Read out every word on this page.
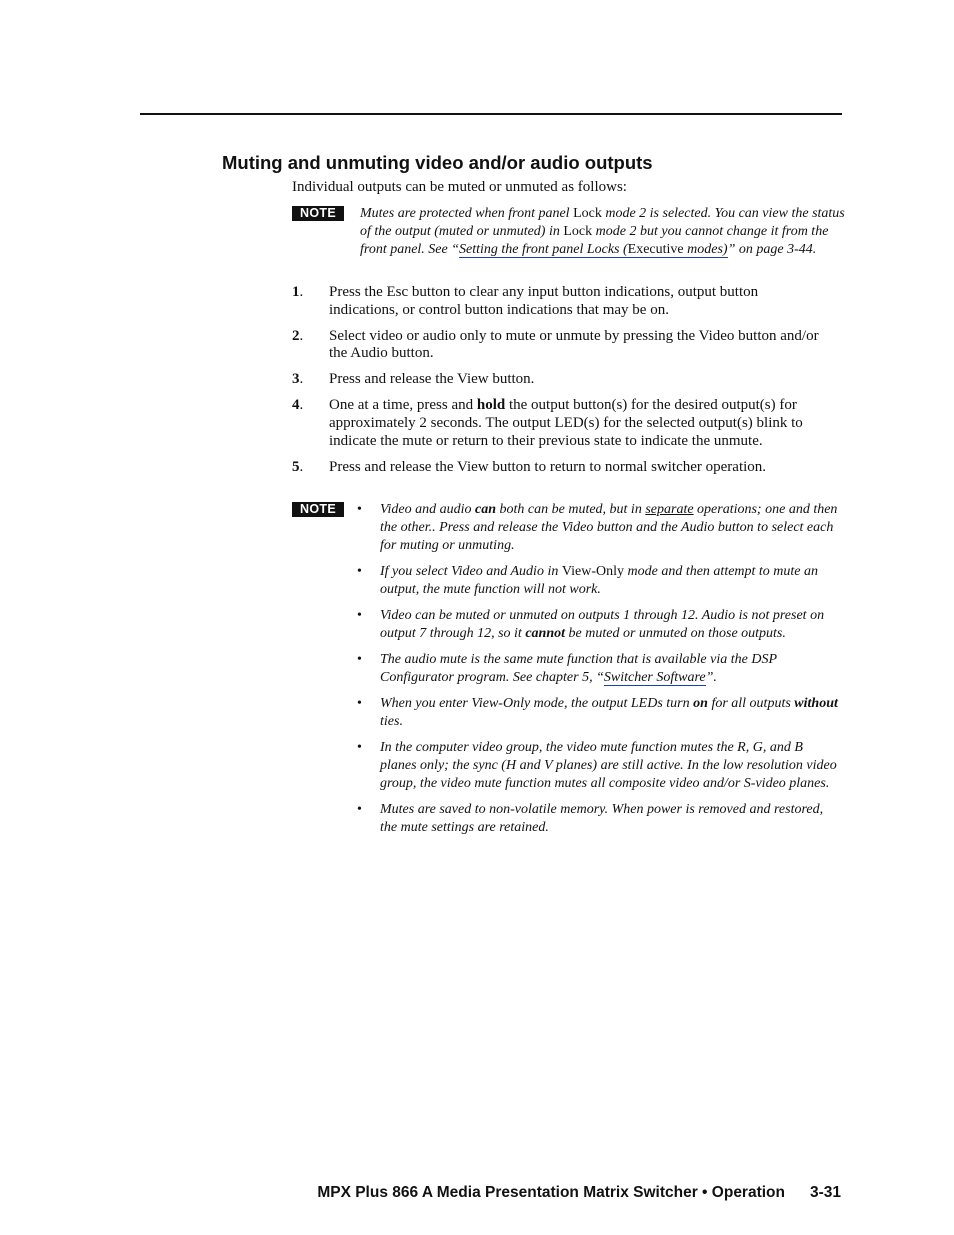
Muting and unmuting video and/or audio outputs

Individual outputs can be muted or unmuted as follows:

NOTE	Mutes are protected when front panel Lock mode 2 is selected. You can view the status of the output (muted or unmuted) in Lock mode 2 but you cannot change it from the front panel. See “Setting the front panel Locks (Executive modes)” on page 3-44.

1. Press the Esc button to clear any input button indications, output button indications, or control button indications that may be on.
2. Select video or audio only to mute or unmute by pressing the Video button and/or the Audio button.
3. Press and release the View button.
4. One at a time, press and hold the output button(s) for the desired output(s) for approximately 2 seconds. The output LED(s) for the selected output(s) blink to indicate the mute or return to their previous state to indicate the unmute.
5. Press and release the View button to return to normal switcher operation.
NOTE	• Video and audio can both can be muted, but in separate operations; one and then the other.. Press and release the Video button and the Audio button to select each for muting or unmuting.
• If you select Video and Audio in View-Only mode and then attempt to mute an output, the mute function will not work.
• Video can be muted or unmuted on outputs 1 through 12. Audio is not preset on output 7 through 12, so it cannot be muted or unmuted on those outputs.
• The audio mute is the same mute function that is available via the DSP Configurator program. See chapter 5, “Switcher Software”.
• When you enter View-Only mode, the output LEDs turn on for all outputs without ties.
• In the computer video group, the video mute function mutes the R, G, and B planes only; the sync (H and V planes) are still active. In the low resolution video group, the video mute function mutes all composite video and/or S-video planes.
• Mutes are saved to non-volatile memory. When power is removed and restored, the mute settings are retained.
MPX Plus 866 A Media Presentation Matrix Switcher • Operation 3-31
